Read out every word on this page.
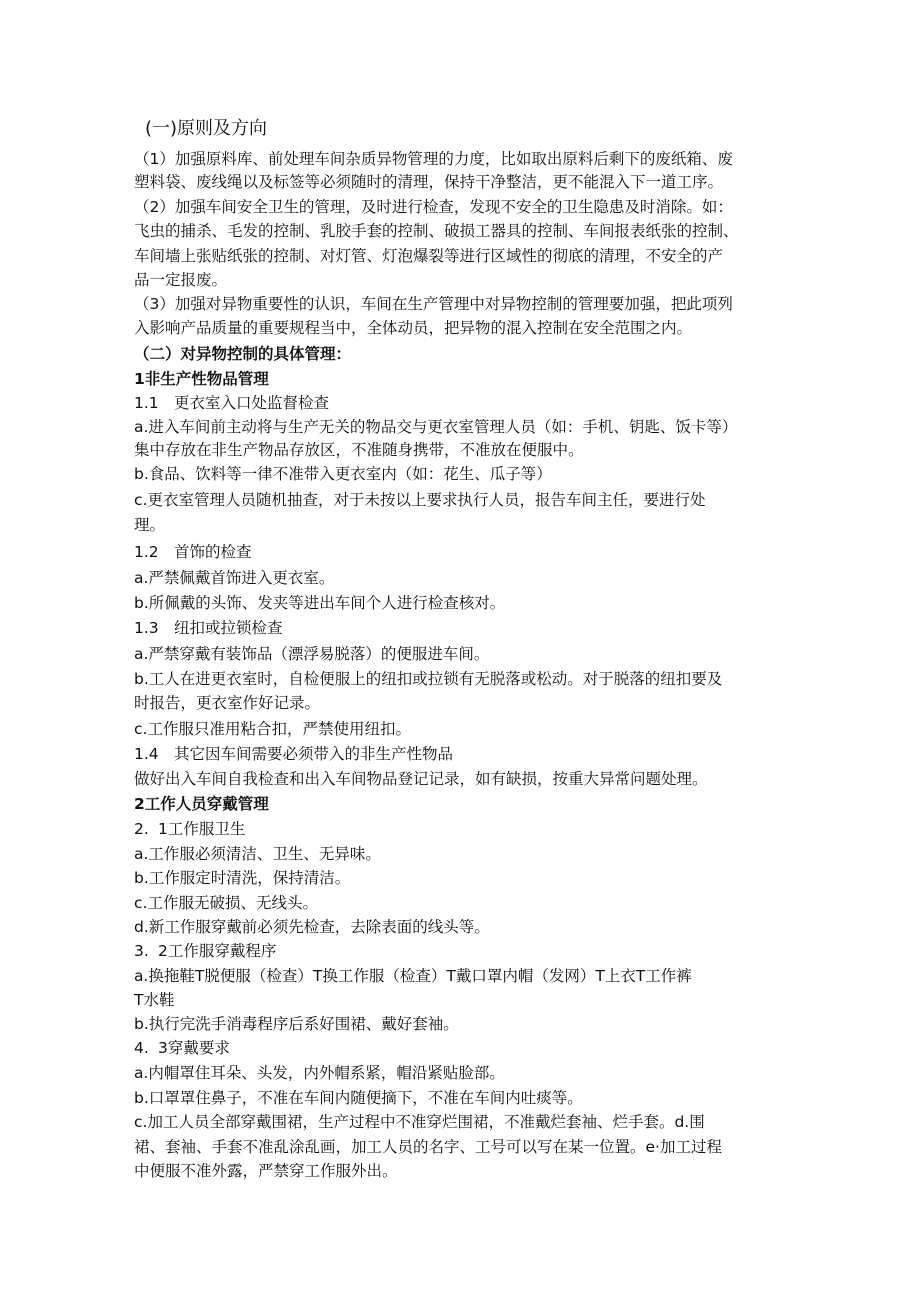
(一)原则及方向
（1）加强原料库、前处理车间杂质异物管理的力度，比如取出原料后剩下的废纸箱、废
塑料袋、废线绳以及标签等必须随时的清理，保持干净整洁，更不能混入下一道工序。
（2）加强车间安全卫生的管理，及时进行检查，发现不安全的卫生隐患及时消除。如：
飞虫的捕杀、毛发的控制、乳胶手套的控制、破损工器具的控制、车间报表纸张的控制、
车间墙上张贴纸张的控制、对灯管、灯泡爆裂等进行区域性的彻底的清理，不安全的产
品一定报废。
（3）加强对异物重要性的认识，车间在生产管理中对异物控制的管理要加强，把此项列
入影响产品质量的重要规程当中，全体动员，把异物的混入控制在安全范围之内。
（二）对异物控制的具体管理：
1非生产性物品管理
1.1 更衣室入口处监督检查
a.进入车间前主动将与生产无关的物品交与更衣室管理人员（如：手机、钥匙、饭卡等）
集中存放在非生产物品存放区，不准随身携带，不准放在便服中。
b.食品、饮料等一律不准带入更衣室内（如：花生、瓜子等）
c.更衣室管理人员随机抽查，对于未按以上要求执行人员，报告车间主任，要进行处
理。
1.2 首饰的检查
a.严禁佩戴首饰进入更衣室。
b.所佩戴的头饰、发夹等进出车间个人进行检查核对。
1.3 纽扣或拉锁检查
a.严禁穿戴有装饰品（漂浮易脱落）的便服进车间。
b.工人在进更衣室时，自检便服上的纽扣或拉锁有无脱落或松动。对于脱落的纽扣要及
时报告，更衣室作好记录。
c.工作服只准用粘合扣，严禁使用纽扣。
1.4 其它因车间需要必须带入的非生产性物品
做好出入车间自我检查和出入车间物品登记记录，如有缺损，按重大异常问题处理。
2工作人员穿戴管理
2. 1工作服卫生
a.工作服必须清洁、卫生、无异味。
b.工作服定时清洗，保持清洁。
c.工作服无破损、无线头。
d.新工作服穿戴前必须先检查，去除表面的线头等。
3. 2工作服穿戴程序
a.换拖鞋T脱便服（检查）T换工作服（检查）T戴口罩内帽（发网）T上衣T工作裤
T水鞋
b.执行完洗手消毒程序后系好围裙、戴好套袖。
4. 3穿戴要求
a.内帽罩住耳朵、头发，内外帽系紧，帽沿紧贴脸部。
b.口罩罩住鼻子，不准在车间内随便摘下，不准在车间内吐痰等。
c.加工人员全部穿戴围裙，生产过程中不准穿烂围裙，不准戴烂套袖、烂手套。d.围
裙、套袖、手套不准乱涂乱画，加工人员的名字、工号可以写在某一位置。e·加工过程
中便服不准外露，严禁穿工作服外出。
